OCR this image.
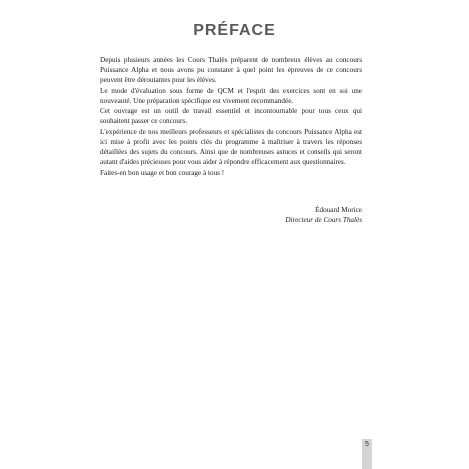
PRÉFACE

Depuis plusieurs années les Cours Thalès préparent de nombreux élèves au concours Puissance Alpha et nous avons pu constater à quel point les épreuves de ce concours peuvent être déroutantes pour les élèves.

Le mode d'évaluation sous forme de QCM et l'esprit des exercices sont en soi une nouveauté. Une préparation spécifique est vivement recommandée.

Cet ouvrage est un outil de travail essentiel et incontournable pour tous ceux qui souhaitent passer ce concours.

L'expérience de nos meilleurs professeurs et spécialistes du concours Puissance Alpha est ici mise à profit avec les points clés du programme à maîtriser à travers les réponses détaillées des sujets du concours. Ainsi que de nombreuses astuces et conseils qui seront autant d'aides précieuses pour vous aider à répondre efficacement aux questionnaires.

Faites-en bon usage et bon courage à tous !

Édouard Morice
Directeur de Cours Thalès
5
